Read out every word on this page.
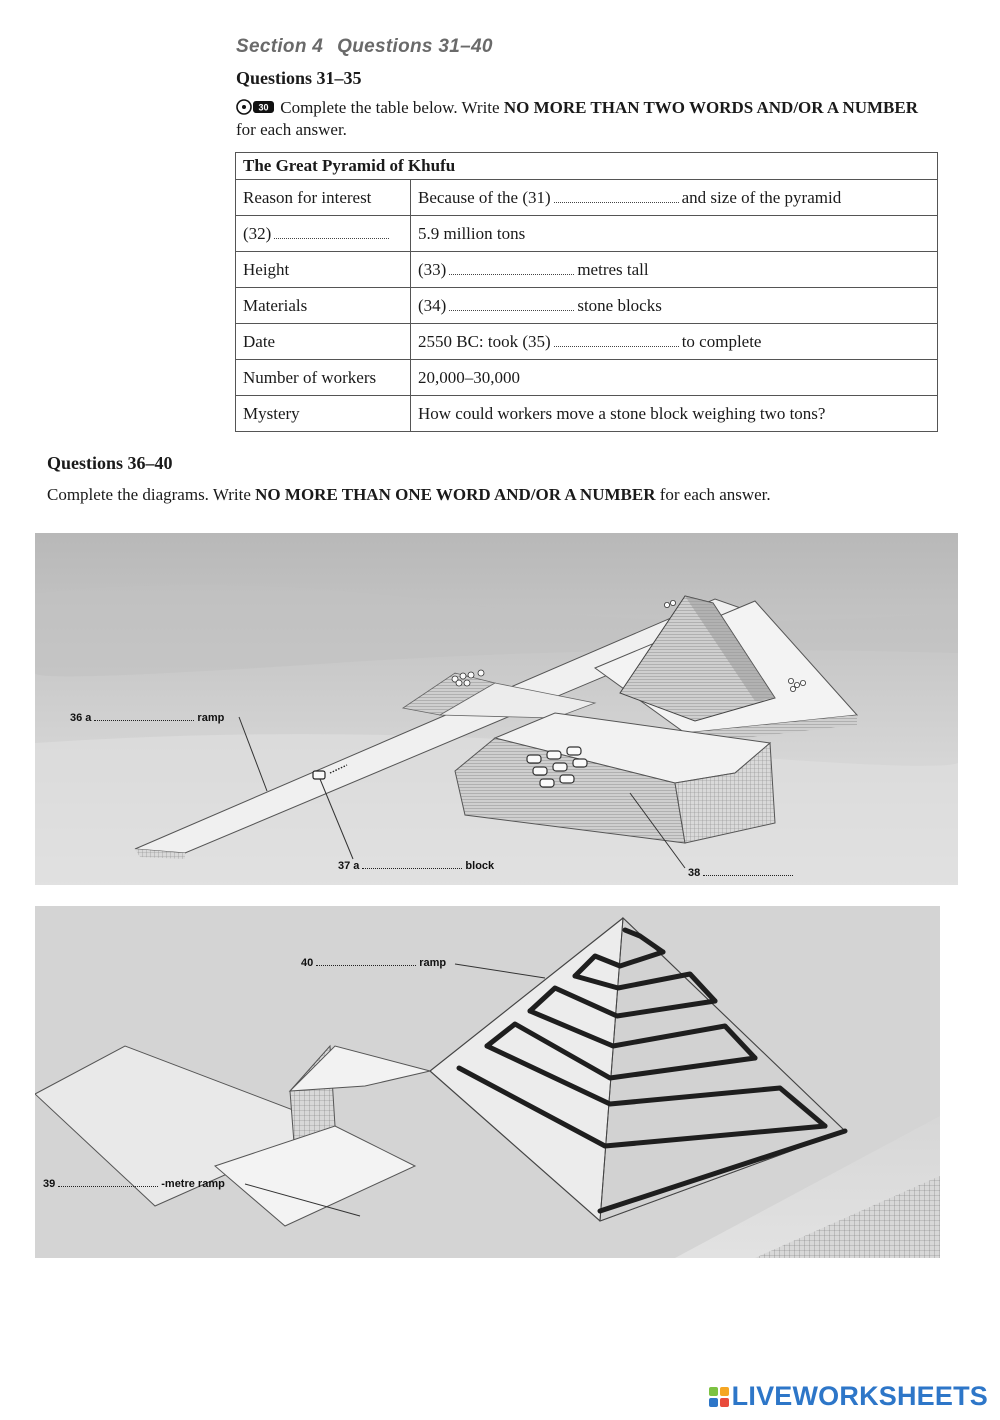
Section 4 Questions 31–40
Questions 31–35
30 Complete the table below. Write NO MORE THAN TWO WORDS AND/OR A NUMBER for each answer.
The Great Pyramid of Khufu	
Reason for interest	Because of the (31) and size of the pyramid
(32)	5.9 million tons
Height	(33) metres tall
Materials	(34) stone blocks
Date	2550 BC: took (35) to complete
Number of workers	20,000–30,000
Mystery	How could workers move a stone block weighing two tons?
Questions 36–40
Complete the diagrams. Write NO MORE THAN ONE WORD AND/OR A NUMBER for each answer.
36 a	ramp
37 a	block
38
40	ramp
39	-metre ramp
LIVEWORKSHEETS
